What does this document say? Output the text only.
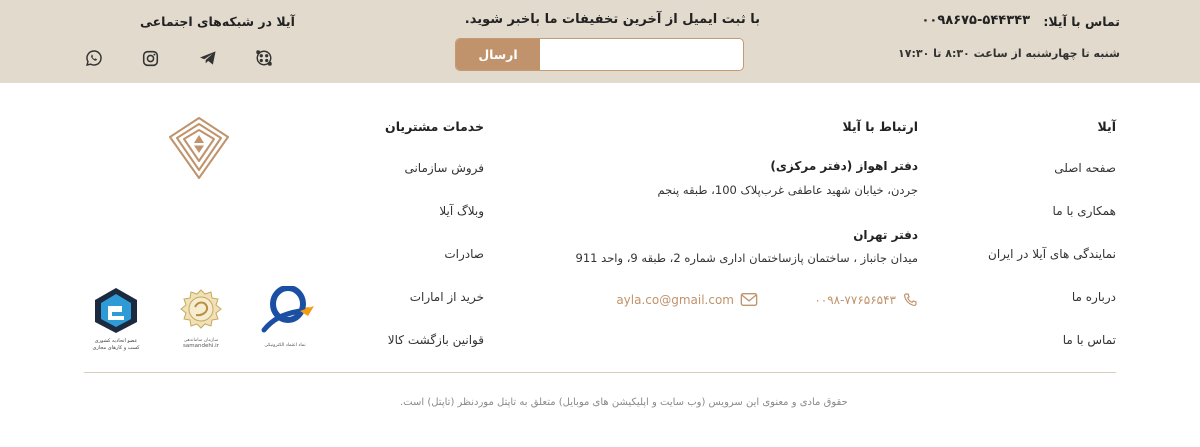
تماس با آیلا:
۰۰۹۸۶۷۵-۵۴۴۳۴۳
شنبه تا چهارشنبه از ساعت ۸:۳۰ تا ۱۷:۳۰
با ثبت ایمیل از آخرین تخفیفات ما باخبر شوید.
ارسال
آیلا در شبکه‌های اجتماعی
آیلا
صفحه اصلی
همکاری با ما
نمایندگی های آیلا در ایران
درباره ما
تماس با ما
ارتباط با آیلا
دفتر اهواز (دفتر مرکزی)
جردن، خیابان شهید عاطفی غرب‌پلاک 100، طبقه پنجم
دفتر تهران
میدان جانباز ، ساختمان پازساختمان اداری شماره 2، طبقه 9، واحد 911
۰۰۹۸-۷۷۶۵۶۵۴۳
ayla.co@gmail.com
خدمات مشتریان
فروش سازمانی
وبلاگ آیلا
صادرات
خرید از امارات
قوانین بازگشت کالا
نماد اعتماد الکترونیکی
سازمان ساماندهی
samandehi.ir
عضو اتحادیه کشوری
کسب و کارهای مجازی
حقوق مادی و معنوی این سرویس (وب سایت و اپلیکیشن های موبایل) متعلق به تاپتل موردنظر (تاپتل) است.
